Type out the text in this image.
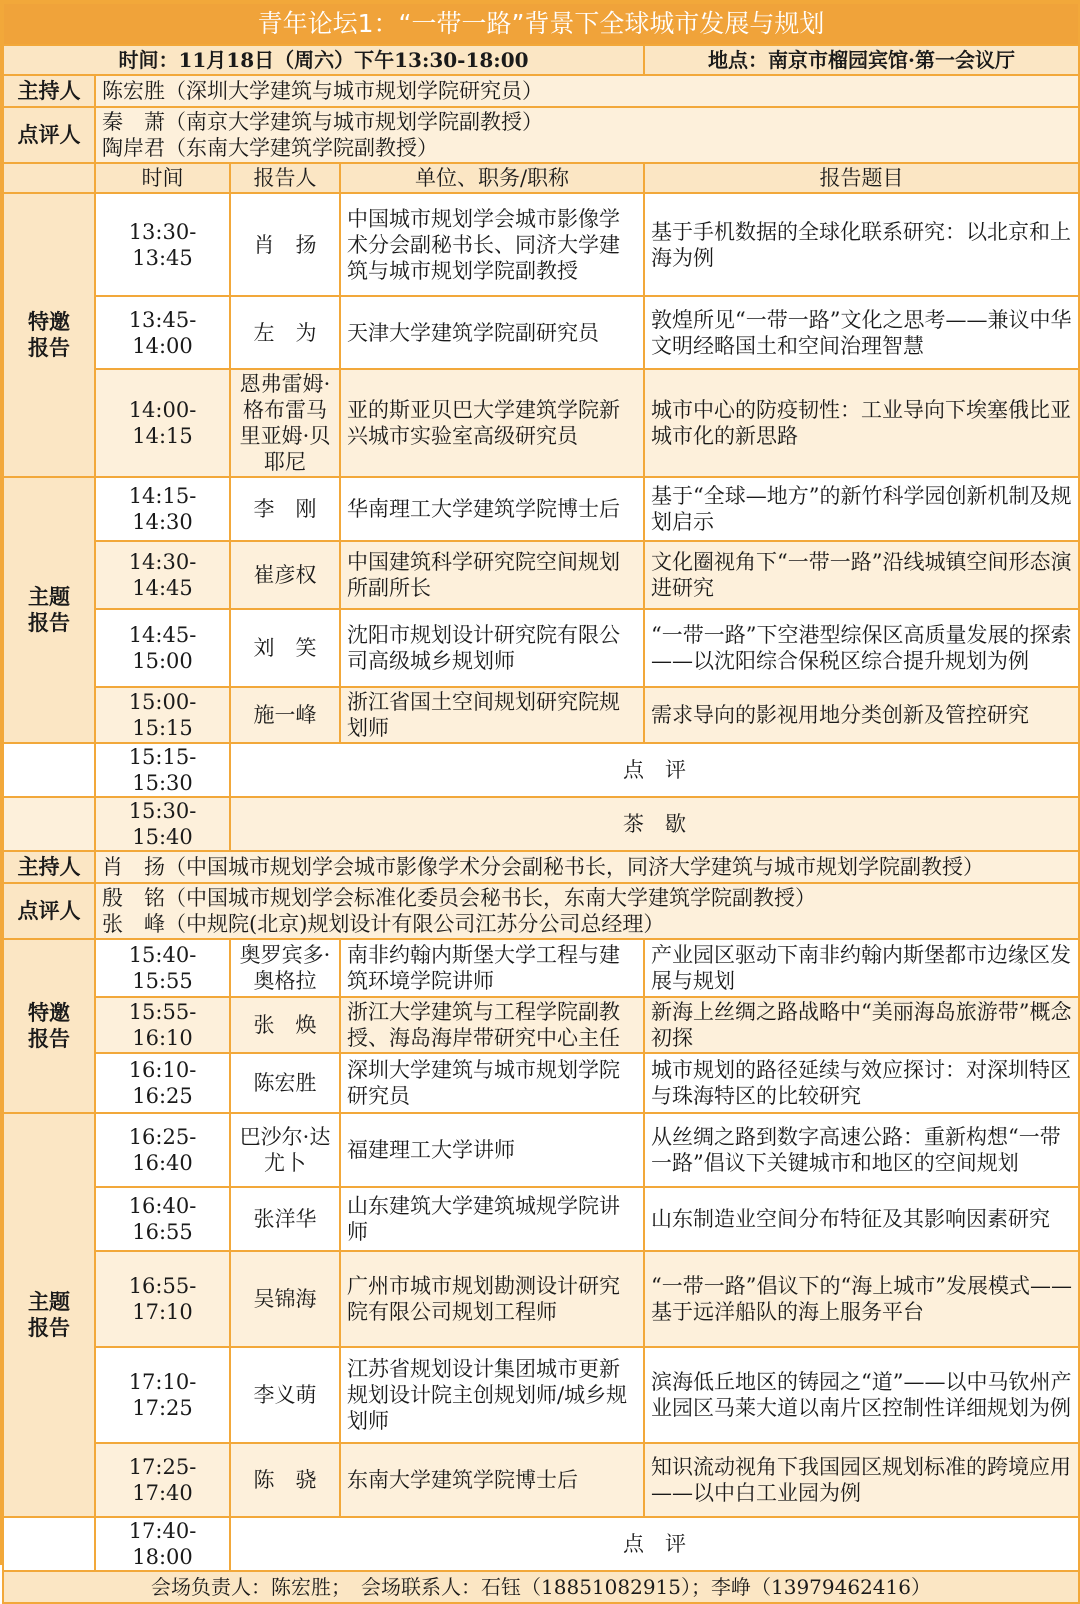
青年论坛1：“一带一路”背景下全球城市发展与规划				
时间：11月18日（周六）下午13:30-18:00				地点：南京市榴园宾馆·第一会议厅
主持人	陈宏胜（深圳大学建筑与城市规划学院研究员）			
点评人	秦　萧（南京大学建筑与城市规划学院副教授）
陶岸君（东南大学建筑学院副教授）			

	时间	报告人	单位、职务/职称	报告题目

特邀报告	13:30-13:45	肖　扬	中国城市规划学会城市影像学术分会副秘书长、同济大学建筑与城市规划学院副教授	基于手机数据的全球化联系研究：以北京和上海为例
	13:45-14:00	左　为	天津大学建筑学院副研究员	敦煌所见“一带一路”文化之思考——兼议中华文明经略国土和空间治理智慧
	14:00-14:15	恩弗雷姆·格布雷马里亚姆·贝耶尼	亚的斯亚贝巴大学建筑学院新兴城市实验室高级研究员	城市中心的防疫韧性：工业导向下埃塞俄比亚城市化的新思路

主题报告	14:15-14:30	李　刚	华南理工大学建筑学院博士后	基于“全球—地方”的新竹科学园创新机制及规划启示
	14:30-14:45	崔彦权	中国建筑科学研究院空间规划所副所长	文化圈视角下“一带一路”沿线城镇空间形态演进研究
	14:45-15:00	刘　笑	沈阳市规划设计研究院有限公司高级城乡规划师	“一带一路”下空港型综保区高质量发展的探索——以沈阳综合保税区综合提升规划为例
	15:00-15:15	施一峰	浙江省国土空间规划研究院规划师	需求导向的影视用地分类创新及管控研究
	15:15-15:30	点　评		
	15:30-15:40	茶　歇		
主持人	肖　扬（中国城市规划学会城市影像学术分会副秘书长，同济大学建筑与城市规划学院副教授）			
点评人	殷　铭（中国城市规划学会标准化委员会秘书长，东南大学建筑学院副教授）
张　峰（中规院(北京)规划设计有限公司江苏分公司总经理）			

特邀报告	15:40-15:55	奥罗宾多·奥格拉	南非约翰内斯堡大学工程与建筑环境学院讲师	产业园区驱动下南非约翰内斯堡都市边缘区发展与规划
	15:55-16:10	张　焕	浙江大学建筑与工程学院副教授、海岛海岸带研究中心主任	新海上丝绸之路战略中“美丽海岛旅游带”概念初探
	16:10-16:25	陈宏胜	深圳大学建筑与城市规划学院研究员	城市规划的路径延续与效应探讨：对深圳特区与珠海特区的比较研究

主题报告	16:25-16:40	巴沙尔·达尤卜	福建理工大学讲师	从丝绸之路到数字高速公路：重新构想“一带一路”倡议下关键城市和地区的空间规划
	16:40-16:55	张洋华	山东建筑大学建筑城规学院讲师	山东制造业空间分布特征及其影响因素研究
	16:55-17:10	吴锦海	广州市城市规划勘测设计研究院有限公司规划工程师	“一带一路”倡议下的“海上城市”发展模式——基于远洋船队的海上服务平台
	17:10-17:25	李义萌	江苏省规划设计集团城市更新规划设计院主创规划师/城乡规划师	滨海低丘地区的铸园之“道”——以中马钦州产业园区马莱大道以南片区控制性详细规划为例
	17:25-17:40	陈　骁	东南大学建筑学院博士后	知识流动视角下我国园区规划标准的跨境应用——以中白工业园为例
	17:40-18:00	点　评		
会场负责人：陈宏胜；　会场联系人：石钰（18851082915）；李峥（13979462416）				
